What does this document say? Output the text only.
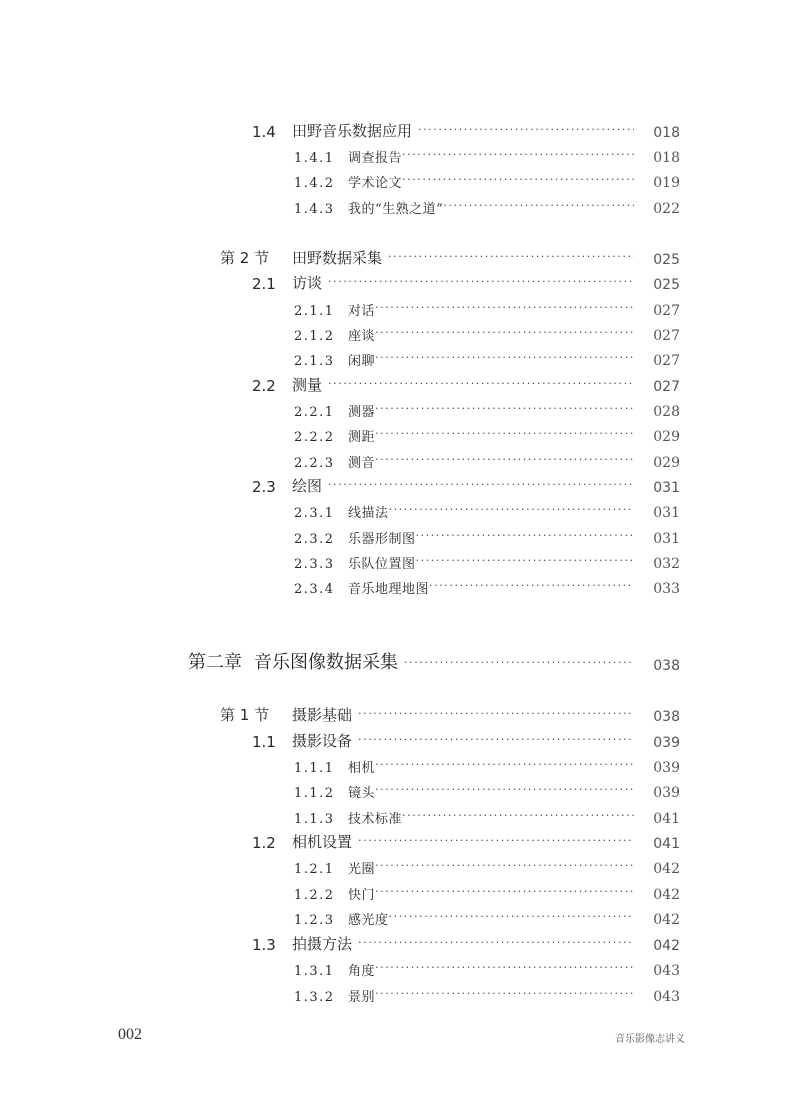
1.4	田野音乐数据应用 ·····	018
1.4.1	调查报告 ·····	018
1.4.2	学术论文 ·····	019
1.4.3	我的“生熟之道” ·····	022
第 2 节	田野数据采集 ·····	025
2.1	访谈 ·····	025
2.1.1	对话 ·····	027
2.1.2	座谈 ·····	027
2.1.3	闲聊 ·····	027
2.2	测量 ·····	027
2.2.1	测器 ·····	028
2.2.2	测距 ·····	029
2.2.3	测音 ·····	029
2.3	绘图 ·····	031
2.3.1	线描法 ·····	031
2.3.2	乐器形制图 ·····	031
2.3.3	乐队位置图 ·····	032
2.3.4	音乐地理地图 ·····	033
第二章 音乐图像数据采集 ·····	038
第 1 节	摄影基础 ·····	038
1.1	摄影设备 ·····	039
1.1.1	相机 ·····	039
1.1.2	镜头 ·····	039
1.1.3	技术标准 ·····	041
1.2	相机设置 ·····	041
1.2.1	光圈 ·····	042
1.2.2	快门 ·····	042
1.2.3	感光度 ·····	042
1.3	拍摄方法 ·····	042
1.3.1	角度 ·····	043
1.3.2	景别 ·····	043
002	音乐影像志讲义
